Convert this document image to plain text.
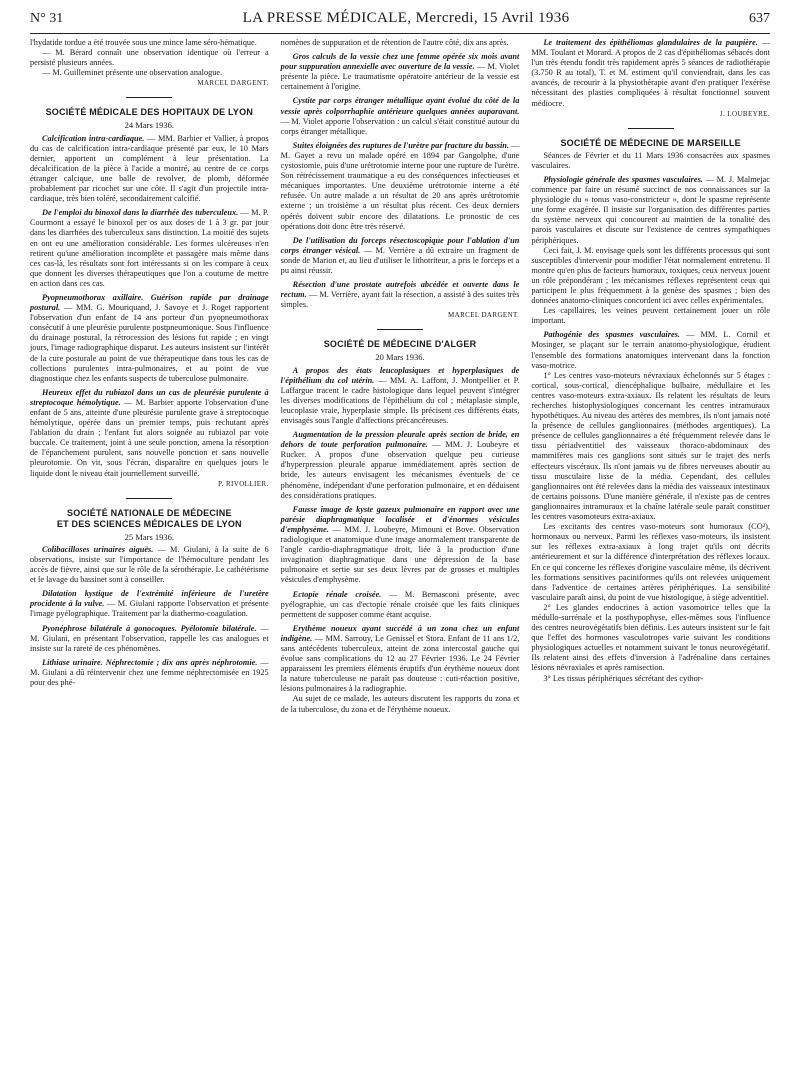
N° 31	LA PRESSE MÉDICALE, Mercredi, 15 Avril 1936	637

l'hydatide tordue a été trouvée sous une mince lame séro-hématique.

— M. Bérard connaît une observation identique où l'erreur a persisté plusieurs années.

— M. Guilleminet présente une observation analogue.

MARCEL DARGENT.

SOCIÉTÉ MÉDICALE DES HOPITAUX DE LYON
24 Mars 1936.

Calcification intra-cardiaque. — MM. Barbier et Vallier, à propos du cas de calcification intra-cardiaque présenté par eux, le 10 Mars dernier, apportent un complément à leur présentation. La décalcification de la pièce à l'acide a montré, au centre de ce corps étranger calcique, une balle de revolver, de plomb, déformée probablement par ricochet sur une côte. Il s'agit d'un projectile intra-cardiaque, très bien toléré, secondairement calcifié.

De l'emploi du binoxol dans la diarrhée des tuberculeux. — M. P. Courmont a essayé le binoxol per os aux doses de 1 à 3 gr. par jour dans les diarrhées des tuberculeux sans distinction. La moitié des sujets en ont eu une amélioration considérable. Les formes ulcéreuses n'en retirent qu'une amélioration incomplète et passagère mais même dans ces cas-là, les résultats sont fort intéressants si on les compare à ceux que donnent les diverses thérapeutiques que l'on a coutume de mettre en action dans ces cas.

Pyopneumothorax axillaire. Guérison rapide par drainage postural. — MM. G. Mouriquand, J. Savoye et J. Roget rapportent l'observation d'un enfant de 14 ans porteur d'un pyopneumothorax consécutif à une pleurésie purulente postpneumonique. Sous l'influence du drainage postural, la rétrocession des lésions fut rapide ; en vingt jours, l'image radiographique disparut. Les auteurs insistent sur l'intérêt de la cure posturale au point de vue thérapeutique dans tous les cas de collections purulentes intra-pulmonaires, et au point de vue diagnostique chez les enfants suspects de tuberculose pulmonaire.

Heureux effet du rubiazol dans un cas de pleurésie purulente à streptocoque hémolytique. — M. Barbier apporte l'observation d'une enfant de 5 ans, atteinte d'une pleurésie purulente grave à streptocoque hémolytique, opérée dans un premier temps, puis rechutant après l'ablation du drain ; l'enfant fut alors soignée au rubiazol par voie buccale. Ce traitement, joint à une seule ponction, amena la résorption de l'épanchement purulent, sans nouvelle ponction et sans nouvelle pleurotomie. On vit, sous l'écran, disparaître en quelques jours le liquide dont le niveau était journellement surveillé.

P. RIVOLLIER.

SOCIÉTÉ NATIONALE DE MÉDECINE
ET DES SCIENCES MÉDICALES DE LYON
25 Mars 1936.

Colibacilloses urinaires aiguës. — M. Giulani, à la suite de 6 observations, insiste sur l'importance de l'hémoculture pendant les accès de fièvre, ainsi que sur le rôle de la sérothérapie. Le cathétérisme et le lavage du bassinet sont à conseiller.

Dilatation kystique de l'extrémité inférieure de l'uretère procidente à la vulve. — M. Giulani rapporte l'observation et présente l'image pyélographique. Traitement par la diathermo-coagulation.

Pyonéphrose bilatérale à gonocoques. Pyélotomie bilatérale. — M. Giulani, en présentant l'observation, rappelle les cas analogues et insiste sur la rareté de ces phénomènes.

Lithiase urinaire. Néphrectomie ; dix ans après néphrotomie. — M. Giulani a dû réintervenir chez une femme néphrectomisée en 1925 pour des phé-

nomènes de suppuration et de rétention de l'autre côté, dix ans après.

Gros calculs de la vessie chez une femme opérée six mois avant pour suppuration annexielle avec ouverture de la vessie. — M. Violet présente la pièce. Le traumatisme opératoire antérieur de la vessie est certainement à l'origine.

Cystite par corps étranger métallique ayant évolué du côté de la vessie après colporrhaphie antérieure quelques années auparavant. — M. Violet apporte l'observation : un calcul s'était constitué autour du corps étranger métallique.

Suites éloignées des ruptures de l'urètre par fracture du bassin. — M. Gayet a revu un malade opéré en 1894 par Gangolphe, d'une cystostomie, puis d'une urétrotomie interne pour une rupture de l'urètre. Son rétrécissement traumatique a eu des conséquences infectieuses et mécaniques importantes. Une deuxième urétrotomie interne a été refusée. Un autre malade a un résultat de 20 ans après urétrotomie externe ; un troisième a un résultat plus récent. Ces deux derniers opérés doivent subir encore des dilatations. Le pronostic de ces opérations doit donc être très réservé.

De l'utilisation du forceps résectoscopique pour l'ablation d'un corps étranger vésical. — M. Verrière a dû extraire un fragment de sonde de Marion et, au lieu d'utiliser le lithotriteur, a pris le forceps et a pu ainsi réussir.

Résection d'une prostate autrefois abcédée et ouverte dans le rectum. — M. Verrière, ayant fait la résection, a assisté à des suites très simples.

MARCEL DARGENT.

SOCIÉTÉ DE MÉDECINE D'ALGER
20 Mars 1936.

A propos des états leucoplasiques et hyperplasiques de l'épithélium du col utérin. — MM. A. Laffont, J. Montpellier et P. Laffargue tracent le cadre histologique dans lequel peuvent s'intégrer les diverses modifications de l'épithélium du col ; métaplasie simple, leucoplasie vraie, hyperplasie simple. Ils précisent ces différents états, envisagés sous l'angle d'affections précancéreuses.

Augmentation de la pression pleurale après section de bride, en dehors de toute perforation pulmonaire. — MM. J. Loubeyre et Rucker. A propos d'une observation quelque peu curieuse d'hyperpression pleurale apparue immédiatement après section de bride, les auteurs envisagent les mécanismes éventuels de ce phénomène, indépendant d'une perforation pulmonaire, et en déduisent des considérations pratiques.

Fausse image de kyste gazeux pulmonaire en rapport avec une parésie diaphragmatique localisée et d'énormes vésicules d'emphysème. — MM. J. Loubeyre, Mimouni et Bove. Observation radiologique et anatomique d'une image anormalement transparente de l'angle cardio-diaphragmatique droit, liée à la production d'une invagination diaphragmatique dans une dépression de la base pulmonaire et sertie sur ses deux lèvres par de grosses et multiples vésicules d'emphysème.

Ectopie rénale croisée. — M. Bernasconi présente, avec pyélographie, un cas d'ectopie rénale croisée que les faits cliniques permettent de supposer comme étant acquise.

Erythème noueux ayant succédé à un zona chez un enfant indigène. — MM. Sarrouy, Le Genissel et Stora. Enfant de 11 ans 1/2, sans antécédents tuberculeux, atteint de zona intercostal gauche qui évolue sans complications du 12 au 27 Février 1936. Le 24 Février apparaissent les premiers éléments éruptifs d'un érythème noueux dont la nature tuberculeuse ne paraît pas douteuse : cuti-réaction positive, lésions pulmonaires à la radiographie.

Au sujet de ce malade, les auteurs discutent les rapports du zona et de la tuberculose, du zona et de l'érythème noueux.

Le traitement des épithéliomas glandulaires de la paupière. — MM. Toulant et Morard. A propos de 2 cas d'épithéliomas sébacés dont l'un très étendu fondit très rapidement après 5 séances de radiothérapie (3.750 R au total), T. et M. estiment qu'il conviendrait, dans les cas avancés, de recourir à la physiothérapie avant d'en pratiquer l'exérèse nécessitant des plasties compliquées à résultat fonctionnel souvent médiocre.

J. LOUBEYRE.

SOCIÉTÉ DE MÉDECINE DE MARSEILLE

Séances de Février et du 11 Mars 1936 consacrées aux spasmes vasculaires.

Physiologie générale des spasmes vasculaires. — M. J. Malmejac commence par faire un résumé succinct de nos connaissances sur la physiologie du « tonus vaso-constricteur », dont le spasme représente une forme exagérée. Il insiste sur l'organisation des différentes parties du système nerveux qui concourent au maintien de la tonalité des parois vasculaires et discute sur l'existence de centres sympathiques périphériques.

Ceci fait, J. M. envisage quels sont les différents processus qui sont susceptibles d'intervenir pour modifier l'état normalement entretenu. Il montre qu'en plus de facteurs humoraux, toxiques, ceux nerveux jouent un rôle prépondérant ; les mécanismes réflexes représentent ceux qui participent le plus fréquemment à la genèse des spasmes ; bien des données anatomo-cliniques concordent ici avec celles expérimentales.

Les capillaires, les veines peuvent certainement jouer un rôle important.

Pathogénie des spasmes vasculaires. — MM. L. Cornil et Mosinger, se plaçant sur le terrain anatomo-physiologique, étudient l'ensemble des formations anatomiques intervenant dans la fonction vaso-motrice.

1° Les centres vaso-moteurs névraxiaux échelonnés sur 5 étages : cortical, sous-cortical, diencéphalique bulbaire, médullaire et les centres vaso-moteurs extra-axiaux. Ils relatent les résultats de leurs recherches histophysiologiques concernant les centres intramuraux hypothétiques. Au niveau des artères des membres, ils n'ont jamais noté la présence de cellules ganglionnaires (méthodes argentiques). La présence de cellules ganglionnaires a été fréquemment relevée dans le tissu périadventitiel des vaisseaux thoraco-abdominaux des mammifères mais ces ganglions sont situés sur le trajet des nerfs effecteurs viscéraux. Ils n'ont jamais vu de fibres nerveuses aboutir au tissu musculaire lisse de la média. Cependant, des cellules ganglionnaires ont été relevées dans la média des vaisseaux intestinaux de certains poissons. D'une manière générale, il n'existe pas de centres ganglionnaires intramuraux et la chaîne latérale seule paraît constituer les centres vasomoteurs extra-axiaux.

Les excitants des centres vaso-moteurs sont humoraux (CO²), hormonaux ou nerveux. Parmi les réflexes vaso-moteurs, ils insistent sur les réflexes extra-axiaux à long trajet qu'ils ont décrits antérieurement et sur la différence d'interprétation des réflexes locaux. En ce qui concerne les réflexes d'origine vasculaire même, ils décrivent les formations sensitives paciniformes qu'ils ont relevées uniquement dans l'adventice de certaines artères périphériques. La sensibilité vasculaire paraît ainsi, du point de vue histologique, à siège adventitiel.

2° Les glandes endocrines à action vasomotrice telles que la médullo-surrénale et la posthypophyse, elles-mêmes sous l'influence des centres neurovégétatifs bien définis. Les auteurs insistent sur le fait que l'effet des hormones vasculotropes varie suivant les conditions physiologiques actuelles et notamment suivant le tonus neurovégétatif. Ils relatent ainsi des effets d'inversion à l'adrénaline dans certaines lésions névraxiales et après ramisection.

3° Les tissus périphériques sécrétant des cythor-
